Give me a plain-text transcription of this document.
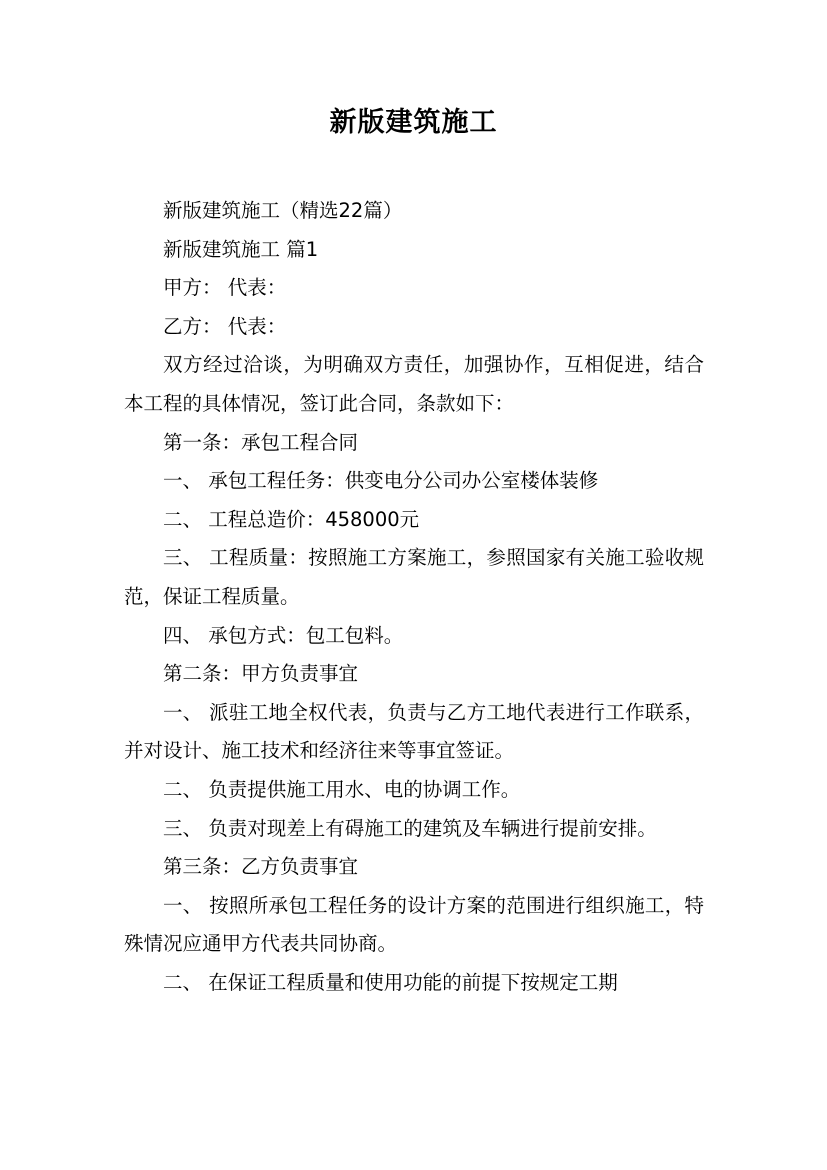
新版建筑施工

新版建筑施工（精选22篇）

新版建筑施工 篇1

甲方： 代表：

乙方： 代表：

双方经过洽谈，为明确双方责任，加强协作，互相促进，结合本工程的具体情况，签订此合同，条款如下：

第一条：承包工程合同

一、 承包工程任务：供变电分公司办公室楼体装修

二、 工程总造价：458000元

三、 工程质量：按照施工方案施工，参照国家有关施工验收规范，保证工程质量。

四、 承包方式：包工包料。

第二条：甲方负责事宜

一、 派驻工地全权代表，负责与乙方工地代表进行工作联系，并对设计、施工技术和经济往来等事宜签证。

二、 负责提供施工用水、电的协调工作。

三、 负责对现差上有碍施工的建筑及车辆进行提前安排。

第三条：乙方负责事宜

一、 按照所承包工程任务的设计方案的范围进行组织施工，特殊情况应通甲方代表共同协商。

二、 在保证工程质量和使用功能的前提下按规定工期
